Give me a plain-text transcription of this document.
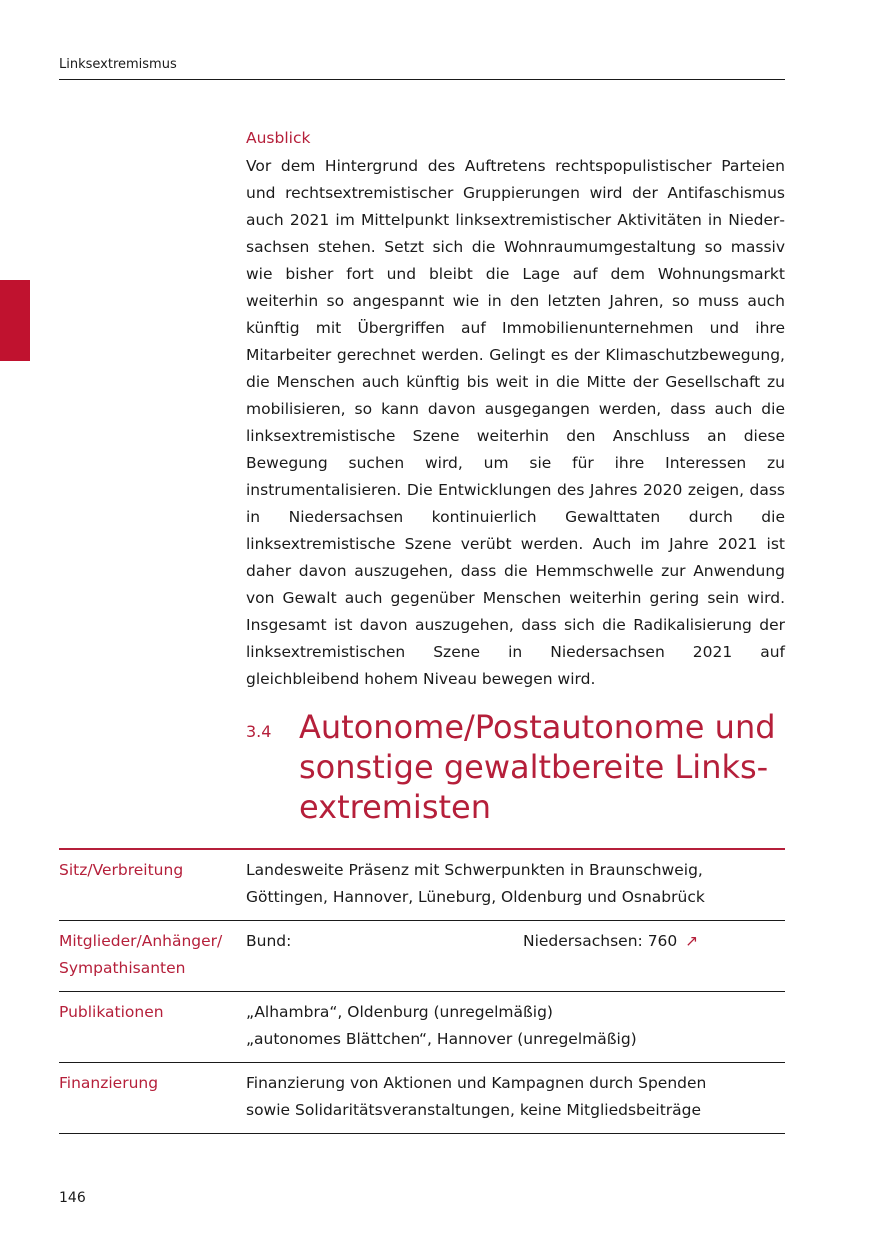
Linksextremismus
Ausblick
Vor dem Hintergrund des Auftretens rechtspopulistischer Parteien und rechtsextremistischer Gruppierungen wird der Antifaschismus auch 2021 im Mittelpunkt linksextremistischer Aktivitäten in Niedersachsen stehen. Setzt sich die Wohnraumumgestaltung so massiv wie bisher fort und bleibt die Lage auf dem Wohnungsmarkt weiterhin so angespannt wie in den letzten Jahren, so muss auch künftig mit Übergriffen auf Immobilienunternehmen und ihre Mitarbeiter gerechnet werden. Gelingt es der Klimaschutzbewegung, die Menschen auch künftig bis weit in die Mitte der Gesellschaft zu mobilisieren, so kann davon ausgegangen werden, dass auch die linksextremistische Szene weiterhin den Anschluss an diese Bewegung suchen wird, um sie für ihre Interessen zu instrumentalisieren. Die Entwicklungen des Jahres 2020 zeigen, dass in Niedersachsen kontinuierlich Gewalttaten durch die linksextremistische Szene verübt werden. Auch im Jahre 2021 ist daher davon auszugehen, dass die Hemmschwelle zur Anwendung von Gewalt auch gegenüber Menschen weiterhin gering sein wird. Insgesamt ist davon auszugehen, dass sich die Radikalisierung der linksextremistischen Szene in Niedersachsen 2021 auf gleichbleibend hohem Niveau bewegen wird.
3.4 Autonome/Postautonome und sonstige gewaltbereite Linksextremisten
Sitz/Verbreitung	Landesweite Präsenz mit Schwerpunkten in Braunschweig,
Göttingen, Hannover, Lüneburg, Oldenburg und Osnabrück
Mitglieder/Anhänger/
Sympathisanten
Bund:	Niedersachsen: 760 ↗
Publikationen	„Alhambra“, Oldenburg (unregelmäßig)
„autonomes Blättchen“, Hannover (unregelmäßig)
Finanzierung	Finanzierung von Aktionen und Kampagnen durch Spenden
sowie Solidaritätsveranstaltungen, keine Mitgliedsbeiträge
146
